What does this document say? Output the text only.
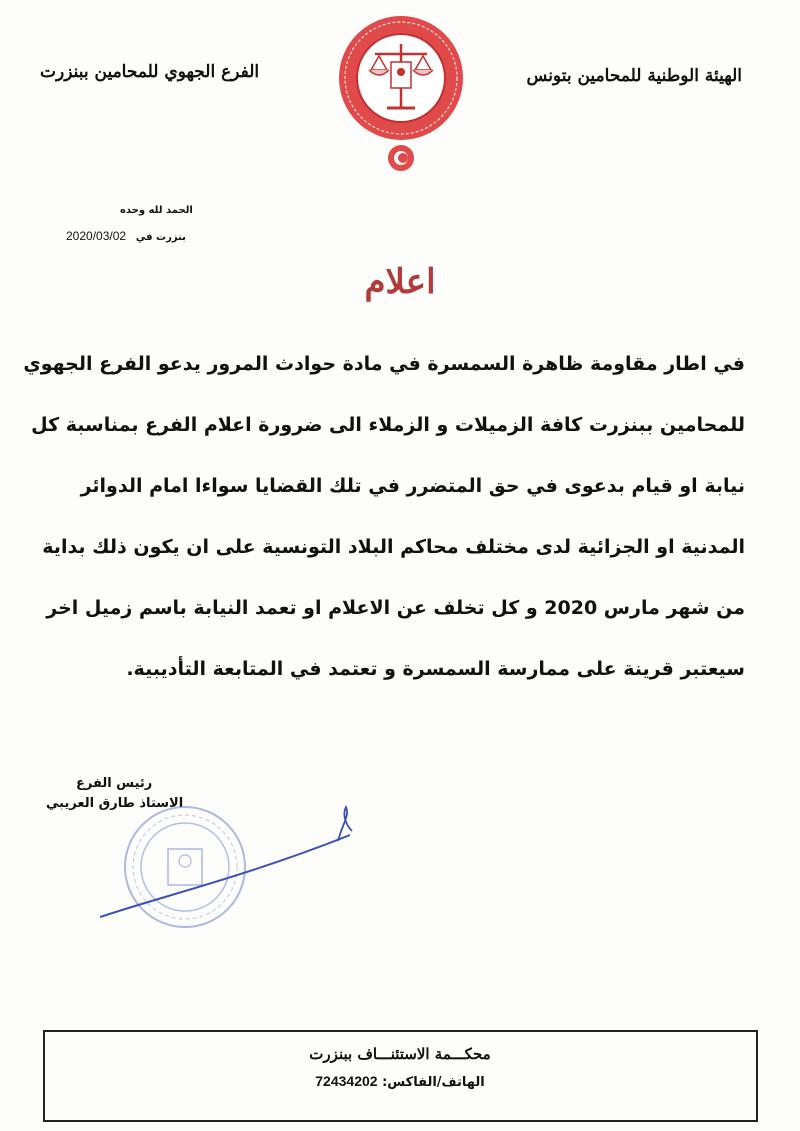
الهيئة الوطنية للمحامين بتونس
الفرع الجهوي للمحامين ببنزرت
الحمد لله وحده
2020/03/02 بنزرت في
اعلام
في اطار مقاومة ظاهرة السمسرة في مادة حوادث المرور يدعو الفرع الجهوي
للمحامين ببنزرت كافة الزميلات و الزملاء الى ضرورة اعلام الفرع بمناسبة كل
نيابة او قيام بدعوى في حق المتضرر في تلك القضايا سواءا امام الدوائر
المدنية او الجزائية لدى مختلف محاكم البلاد التونسية على ان يكون ذلك بداية
من شهر مارس 2020 و كل تخلف عن الاعلام او تعمد النيابة باسم زميل اخر
سيعتبر قرينة على ممارسة السمسرة و تعتمد في المتابعة التأديبية.
رئيس الفرع
الاستاذ طارق العريبي
محكـــمة الاستئنـــاف ببنزرت
الهاتف/الفاكس: 72434202
